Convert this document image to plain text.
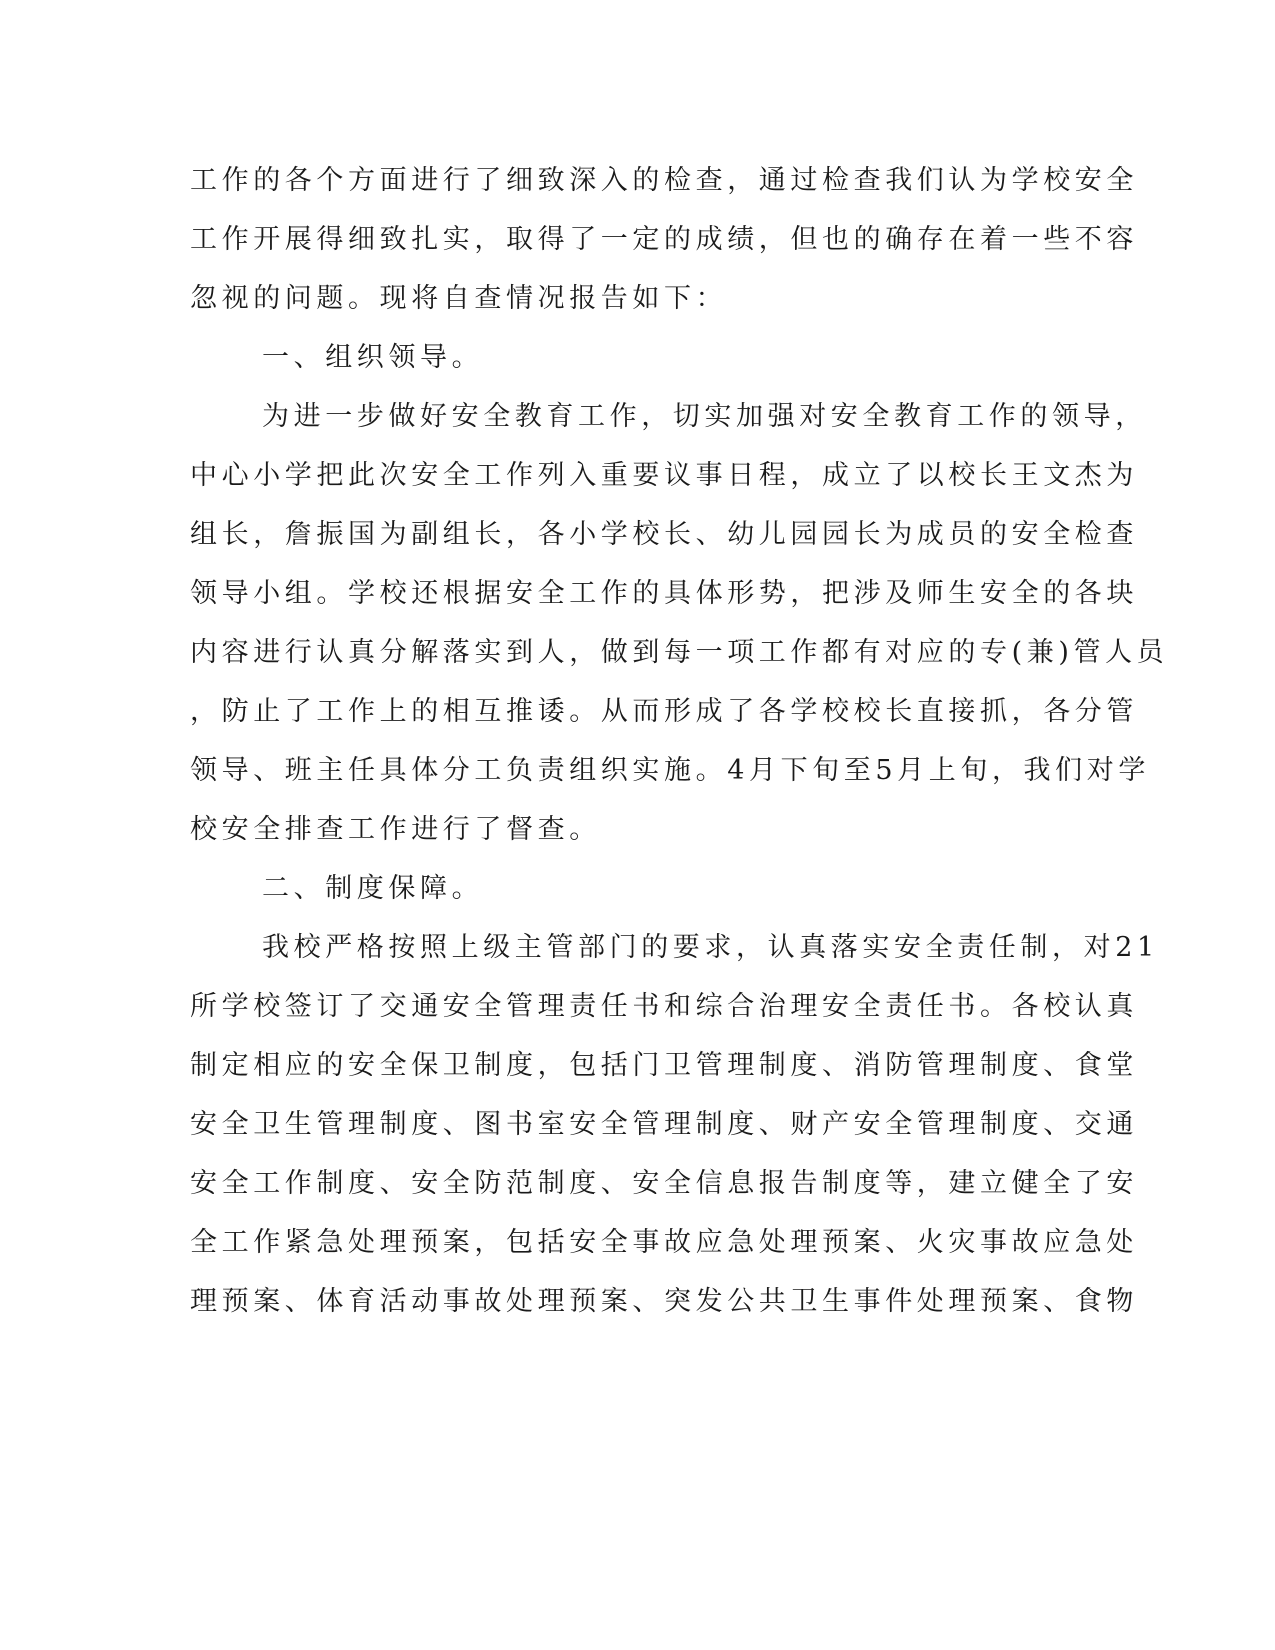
工作的各个方面进行了细致深入的检查，通过检查我们认为学校安全
工作开展得细致扎实，取得了一定的成绩，但也的确存在着一些不容
忽视的问题。现将自查情况报告如下：
一、组织领导。
为进一步做好安全教育工作，切实加强对安全教育工作的领导，
中心小学把此次安全工作列入重要议事日程，成立了以校长王文杰为
组长，詹振国为副组长，各小学校长、幼儿园园长为成员的安全检查
领导小组。学校还根据安全工作的具体形势，把涉及师生安全的各块
内容进行认真分解落实到人，做到每一项工作都有对应的专(兼)管人员
，防止了工作上的相互推诿。从而形成了各学校校长直接抓，各分管
领导、班主任具体分工负责组织实施。4月下旬至5月上旬，我们对学
校安全排查工作进行了督查。
二、制度保障。
我校严格按照上级主管部门的要求，认真落实安全责任制，对21
所学校签订了交通安全管理责任书和综合治理安全责任书。各校认真
制定相应的安全保卫制度，包括门卫管理制度、消防管理制度、食堂
安全卫生管理制度、图书室安全管理制度、财产安全管理制度、交通
安全工作制度、安全防范制度、安全信息报告制度等，建立健全了安
全工作紧急处理预案，包括安全事故应急处理预案、火灾事故应急处
理预案、体育活动事故处理预案、突发公共卫生事件处理预案、食物
